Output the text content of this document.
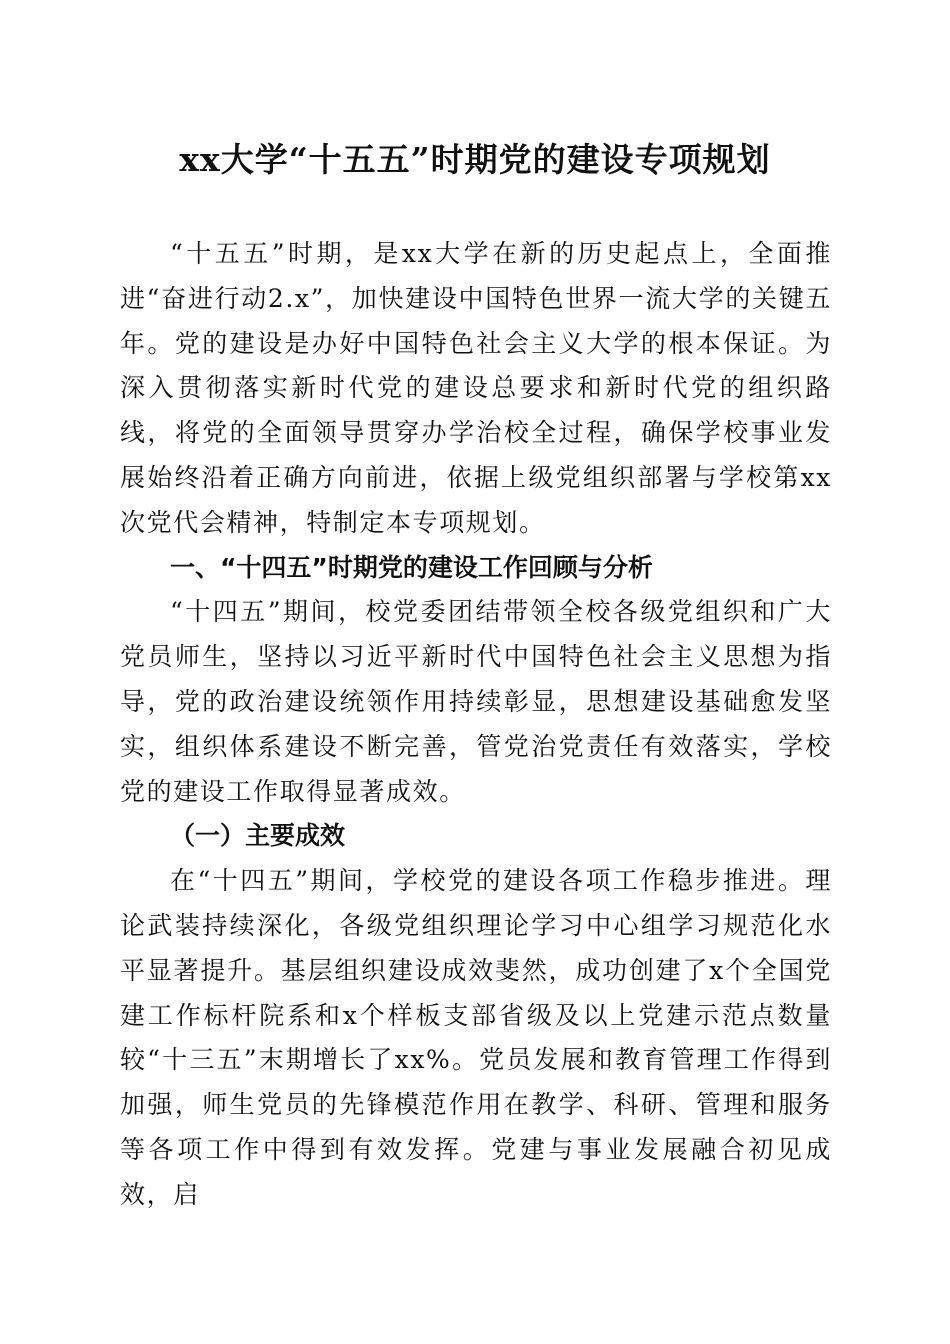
xx大学“十五五”时期党的建设专项规划

“十五五”时期，是xx大学在新的历史起点上，全面推进“奋进行动2.x”，加快建设中国特色世界一流大学的关键五年。党的建设是办好中国特色社会主义大学的根本保证。为深入贯彻落实新时代党的建设总要求和新时代党的组织路线，将党的全面领导贯穿办学治校全过程，确保学校事业发展始终沿着正确方向前进，依据上级党组织部署与学校第xx次党代会精神，特制定本专项规划。

一、“十四五”时期党的建设工作回顾与分析

“十四五”期间，校党委团结带领全校各级党组织和广大党员师生，坚持以习近平新时代中国特色社会主义思想为指导，党的政治建设统领作用持续彰显，思想建设基础愈发坚实，组织体系建设不断完善，管党治党责任有效落实，学校党的建设工作取得显著成效。

（一）主要成效

在“十四五”期间，学校党的建设各项工作稳步推进。理论武装持续深化，各级党组织理论学习中心组学习规范化水平显著提升。基层组织建设成效斐然，成功创建了x个全国党建工作标杆院系和x个样板支部省级及以上党建示范点数量较“十三五”末期增长了xx%。党员发展和教育管理工作得到加强，师生党员的先锋模范作用在教学、科研、管理和服务等各项工作中得到有效发挥。党建与事业发展融合初见成效，启
